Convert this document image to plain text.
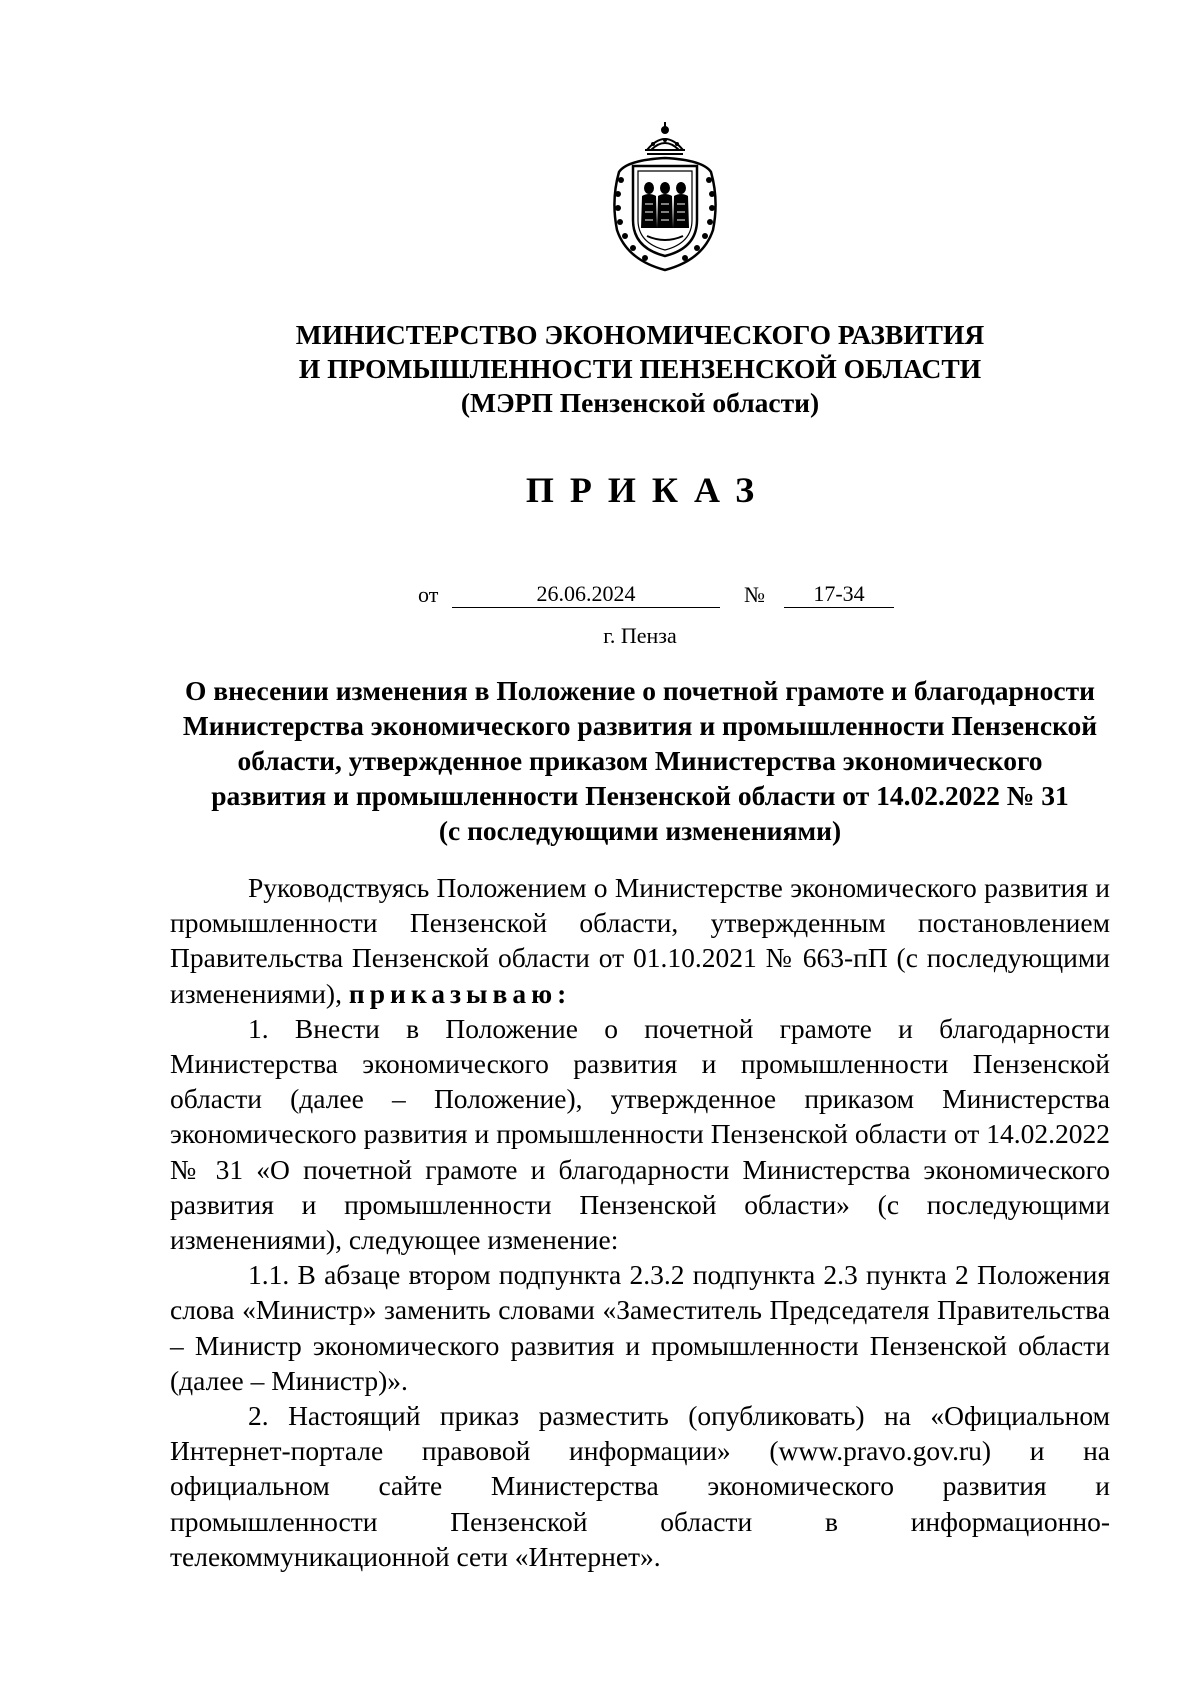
МИНИСТЕРСТВО ЭКОНОМИЧЕСКОГО РАЗВИТИЯ
И ПРОМЫШЛЕННОСТИ ПЕНЗЕНСКОЙ ОБЛАСТИ
(МЭРП Пензенской области)
ПРИКАЗ
от	26.06.2024	№	17-34
г. Пенза
О внесении изменения в Положение о почетной грамоте и благодарности
Министерства экономического развития и промышленности Пензенской
области, утвержденное приказом Министерства экономического
развития и промышленности Пензенской области от 14.02.2022 № 31
(с последующими изменениями)

Руководствуясь Положением о Министерстве экономического развития и промышленности Пензенской области, утвержденным постановлением Правительства Пензенской области от 01.10.2021 № 663-пП (с последующими изменениями), приказываю:

1. Внести в Положение о почетной грамоте и благодарности Министерства экономического развития и промышленности Пензенской области (далее – Положение), утвержденное приказом Министерства экономического развития и промышленности Пензенской области от 14.02.2022 № 31 «О почетной грамоте и благодарности Министерства экономического развития и промышленности Пензенской области» (с последующими изменениями), следующее изменение:

1.1. В абзаце втором подпункта 2.3.2 подпункта 2.3 пункта 2 Положения слова «Министр» заменить словами «Заместитель Председателя Правительства – Министр экономического развития и промышленности Пензенской области (далее – Министр)».

2. Настоящий приказ разместить (опубликовать) на «Официальном Интернет-портале правовой информации» (www.pravo.gov.ru) и на официальном сайте Министерства экономического развития и промышленности Пензенской области в информационно-телекоммуникационной сети «Интернет».
